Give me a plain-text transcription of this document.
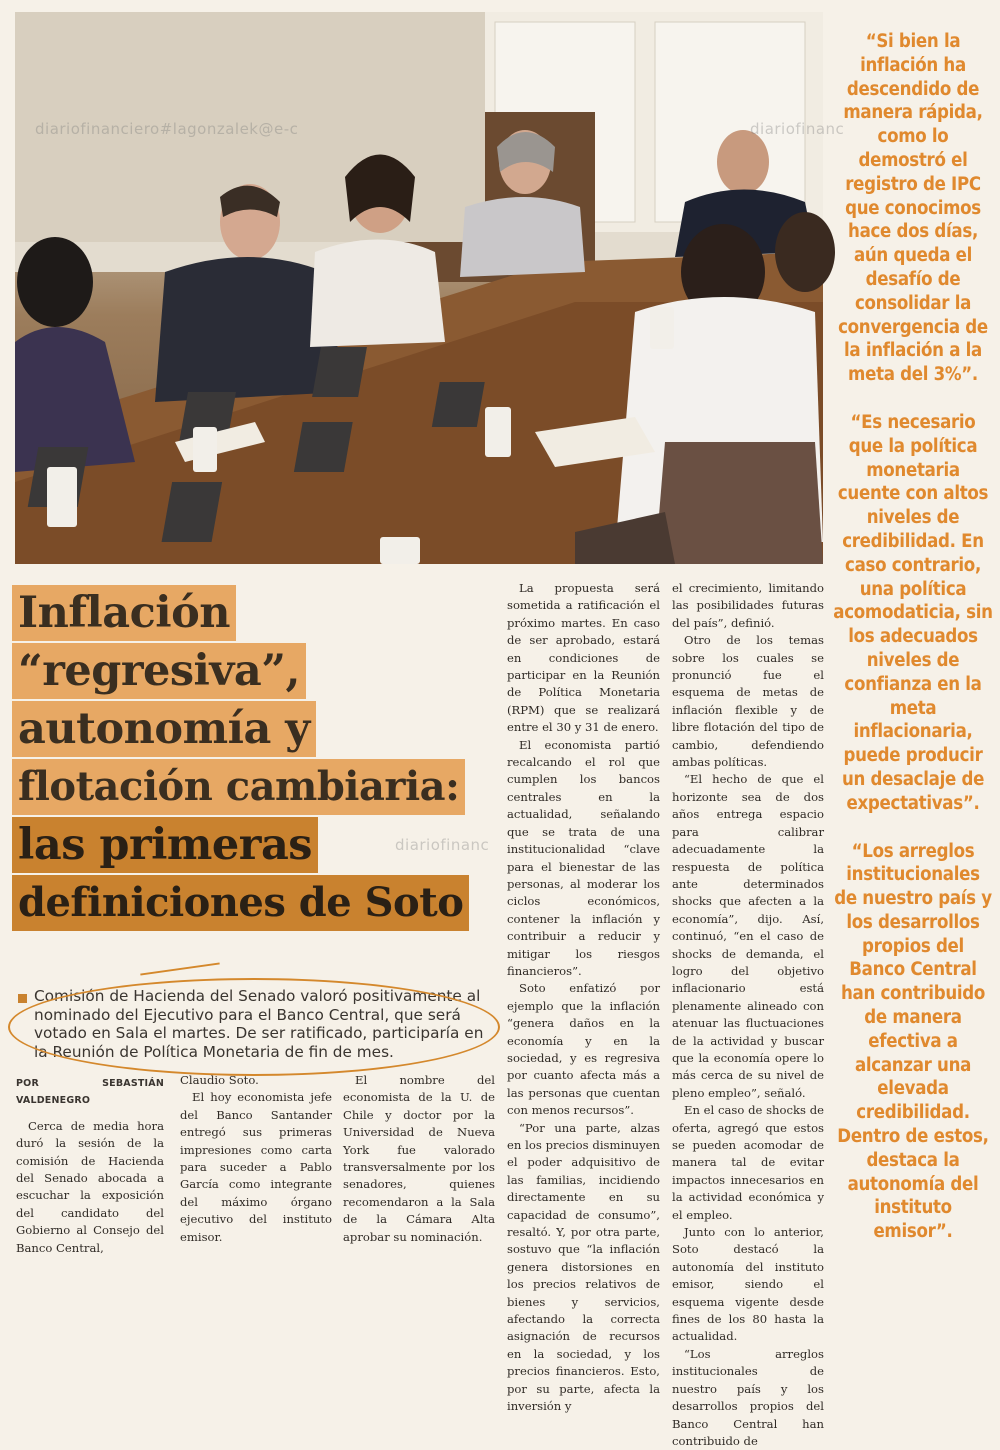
diariofinanciero#lagonzalek@e-c	diariofinanc
diariofinanc

“Si bien la inflación ha descendido de manera rápida, como lo demostró el registro de IPC que conocimos hace dos días, aún queda el desafío de consolidar la convergencia de la inflación a la meta del 3%”.

“Es necesario que la política monetaria cuente con altos niveles de credibilidad. En caso contrario, una política acomodaticia, sin los adecuados niveles de confianza en la meta inflacionaria, puede producir un desaclaje de expectativas”.

“Los arreglos institucionales de nuestro país y los desarrollos propios del Banco Central han contribuido de manera efectiva a alcanzar una elevada credibilidad. Dentro de estos, destaca la autonomía del instituto emisor”.

Inflación
“regresiva”,
autonomía y
flotación cambiaria:
las primeras
definiciones de Soto
Comisión de Hacienda del Senado valoró positivamente al nominado del Ejecutivo para el Banco Central, que será votado en Sala el martes. De ser ratificado, participaría en la Reunión de Política Monetaria de fin de mes.
POR SEBASTIÁN VALDENEGRO

Cerca de media hora duró la sesión de la comisión de Hacienda del Senado abocada a escuchar la exposición del candidato del Gobierno al Consejo del Banco Central,

Claudio Soto.

El hoy economista jefe del Banco Santander entregó sus primeras impresiones como carta para suceder a Pablo García como integrante del máximo órgano ejecutivo del instituto emisor.

El nombre del economista de la U. de Chile y doctor por la Universidad de Nueva York fue valorado transversalmente por los senadores, quienes recomendaron a la Sala de la Cámara Alta aprobar su nominación.

La propuesta será sometida a ratificación el próximo martes. En caso de ser aprobado, estará en condiciones de participar en la Reunión de Política Monetaria (RPM) que se realizará entre el 30 y 31 de enero.

El economista partió recalcando el rol que cumplen los bancos centrales en la actualidad, señalando que se trata de una institucionalidad “clave para el bienestar de las personas, al moderar los ciclos económicos, contener la inflación y contribuir a reducir y mitigar los riesgos financieros”.

Soto enfatizó por ejemplo que la inflación “genera daños en la economía y en la sociedad, y es regresiva por cuanto afecta más a las personas que cuentan con menos recursos”.

“Por una parte, alzas en los precios disminuyen el poder adquisitivo de las familias, incidiendo directamente en su capacidad de consumo”, resaltó. Y, por otra parte, sostuvo que “la inflación genera distorsiones en los precios relativos de bienes y servicios, afectando la correcta asignación de recursos en la sociedad, y los precios financieros. Esto, por su parte, afecta la inversión y

el crecimiento, limitando las posibilidades futuras del país”, definió.

Otro de los temas sobre los cuales se pronunció fue el esquema de metas de inflación flexible y de libre flotación del tipo de cambio, defendiendo ambas políticas.

“El hecho de que el horizonte sea de dos años entrega espacio para calibrar adecuadamente la respuesta de política ante determinados shocks que afecten a la economía”, dijo. Así, continuó, “en el caso de shocks de demanda, el logro del objetivo inflacionario está plenamente alineado con atenuar las fluctuaciones de la actividad y buscar que la economía opere lo más cerca de su nivel de pleno empleo”, señaló.

En el caso de shocks de oferta, agregó que estos se pueden acomodar de manera tal de evitar impactos innecesarios en la actividad económica y el empleo.

Junto con lo anterior, Soto destacó la autonomía del instituto emisor, siendo el esquema vigente desde fines de los 80 hasta la actualidad.

“Los arreglos institucionales de nuestro país y los desarrollos propios del Banco Central han contribuido de
